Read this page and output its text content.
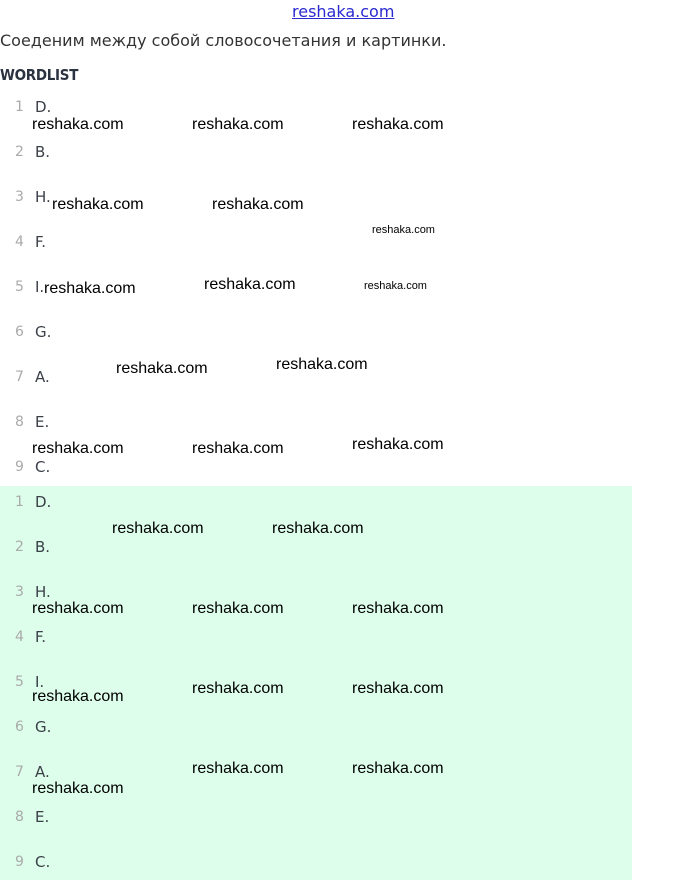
reshaka.com
Соеденим между собой словосочетания и картинки.
WORDLIST
1 D.
2 B.
3 H.
4 F.
5 I.
6 G.
7 A.
8 E.
9 C.
1 D.
2 B.
3 H.
4 F.
5 I.
6 G.
7 A.
8 E.
9 C.
reshaka.com	reshaka.com	reshaka.com
reshaka.com	reshaka.com
reshaka.com
reshaka.com	reshaka.com	reshaka.com
reshaka.com	reshaka.com
reshaka.com	reshaka.com	reshaka.com
reshaka.com	reshaka.com
reshaka.com	reshaka.com	reshaka.com
reshaka.com	reshaka.com	reshaka.com
reshaka.com
reshaka.com	reshaka.com
